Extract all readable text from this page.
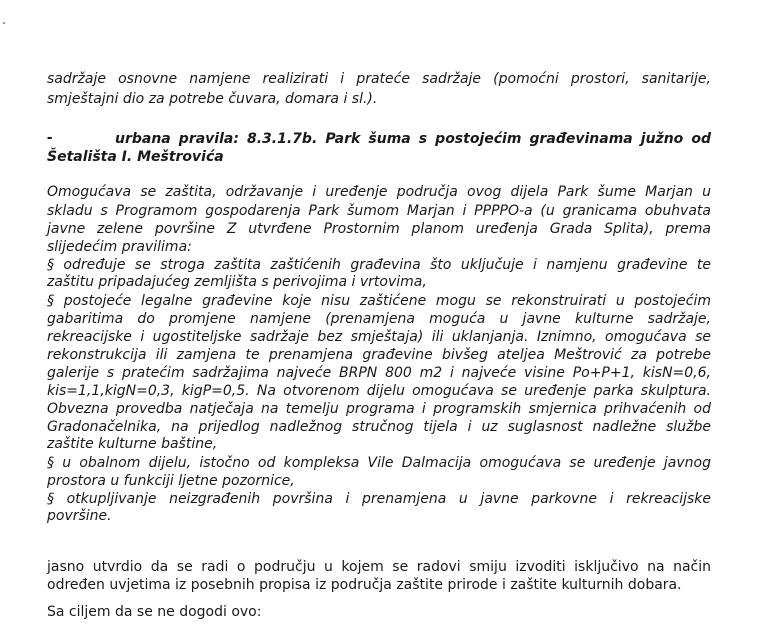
sadržaje osnovne namjene realizirati i prateće sadržaje (pomoćni prostori, sanitarije,
smještajni dio za potrebe čuvara, domara i sl.).
-	urbana pravila: 8.3.1.7b. Park šuma s postojećim građevinama južno od
Šetališta I. Meštrovića
Omogućava se zaštita, održavanje i uređenje područja ovog dijela Park šume Marjan u
skladu s Programom gospodarenja Park šumom Marjan i PPPPO-a (u granicama obuhvata
javne zelene površine Z utvrđene Prostornim planom uređenja Grada Splita), prema
slijedećim pravilima:
§ određuje se stroga zaštita zaštićenih građevina što uključuje i namjenu građevine te
zaštitu pripadajućeg zemljišta s perivojima i vrtovima,
§ postojeće legalne građevine koje nisu zaštićene mogu se rekonstruirati u postojećim
gabaritima do promjene namjene (prenamjena moguća u javne kulturne sadržaje,
rekreacijske i ugostiteljske sadržaje bez smještaja) ili uklanjanja. Iznimno, omogućava se
rekonstrukcija ili zamjena te prenamjena građevine bivšeg ateljea Meštrović za potrebe
galerije s pratećim sadržajima najveće BRPN 800 m2 i najveće visine Po+P+1, kisN=0,6,
kis=1,1,kigN=0,3, kigP=0,5. Na otvorenom dijelu omogućava se uređenje parka skulptura.
Obvezna provedba natječaja na temelju programa i programskih smjernica prihvaćenih od
Gradonačelnika, na prijedlog nadležnog stručnog tijela i uz suglasnost nadležne službe
zaštite kulturne baštine,
§ u obalnom dijelu, istočno od kompleksa Vile Dalmacija omogućava se uređenje javnog
prostora u funkciji ljetne pozornice,
§ otkupljivanje neizgrađenih površina i prenamjena u javne parkovne i rekreacijske
površine.
jasno utvrdio da se radi o području u kojem se radovi smiju izvoditi isključivo na način
određen uvjetima iz posebnih propisa iz područja zaštite prirode i zaštite kulturnih dobara.
Sa ciljem da se ne dogodi ovo:
